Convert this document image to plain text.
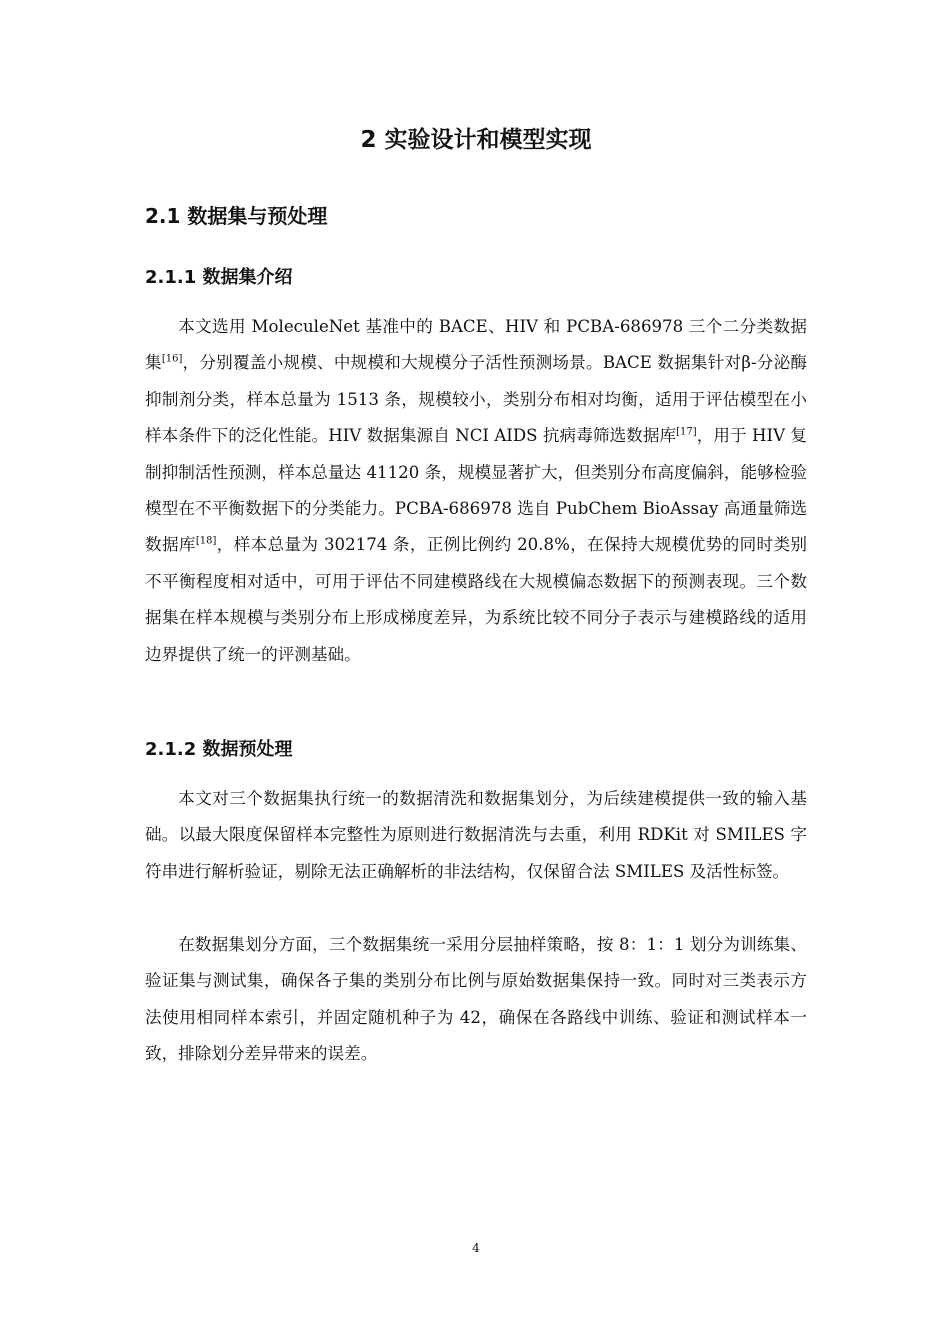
2 实验设计和模型实现
2.1 数据集与预处理
2.1.1 数据集介绍

本文选用 MoleculeNet 基准中的 BACE、HIV 和 PCBA-686978 三个二分类数据集[16]，分别覆盖小规模、中规模和大规模分子活性预测场景。BACE 数据集针对β-分泌酶抑制剂分类，样本总量为 1513 条，规模较小，类别分布相对均衡，适用于评估模型在小样本条件下的泛化性能。HIV 数据集源自 NCI AIDS 抗病毒筛选数据库[17]，用于 HIV 复制抑制活性预测，样本总量达 41120 条，规模显著扩大，但类别分布高度偏斜，能够检验模型在不平衡数据下的分类能力。PCBA-686978 选自 PubChem BioAssay 高通量筛选数据库[18]，样本总量为 302174 条，正例比例约 20.8%，在保持大规模优势的同时类别不平衡程度相对适中，可用于评估不同建模路线在大规模偏态数据下的预测表现。三个数据集在样本规模与类别分布上形成梯度差异，为系统比较不同分子表示与建模路线的适用边界提供了统一的评测基础。

2.1.2 数据预处理

本文对三个数据集执行统一的数据清洗和数据集划分，为后续建模提供一致的输入基础。以最大限度保留样本完整性为原则进行数据清洗与去重，利用 RDKit 对 SMILES 字符串进行解析验证，剔除无法正确解析的非法结构，仅保留合法 SMILES 及活性标签。

在数据集划分方面，三个数据集统一采用分层抽样策略，按 8：1：1 划分为训练集、验证集与测试集，确保各子集的类别分布比例与原始数据集保持一致。同时对三类表示方法使用相同样本索引，并固定随机种子为 42，确保在各路线中训练、验证和测试样本一致，排除划分差异带来的误差。

4
